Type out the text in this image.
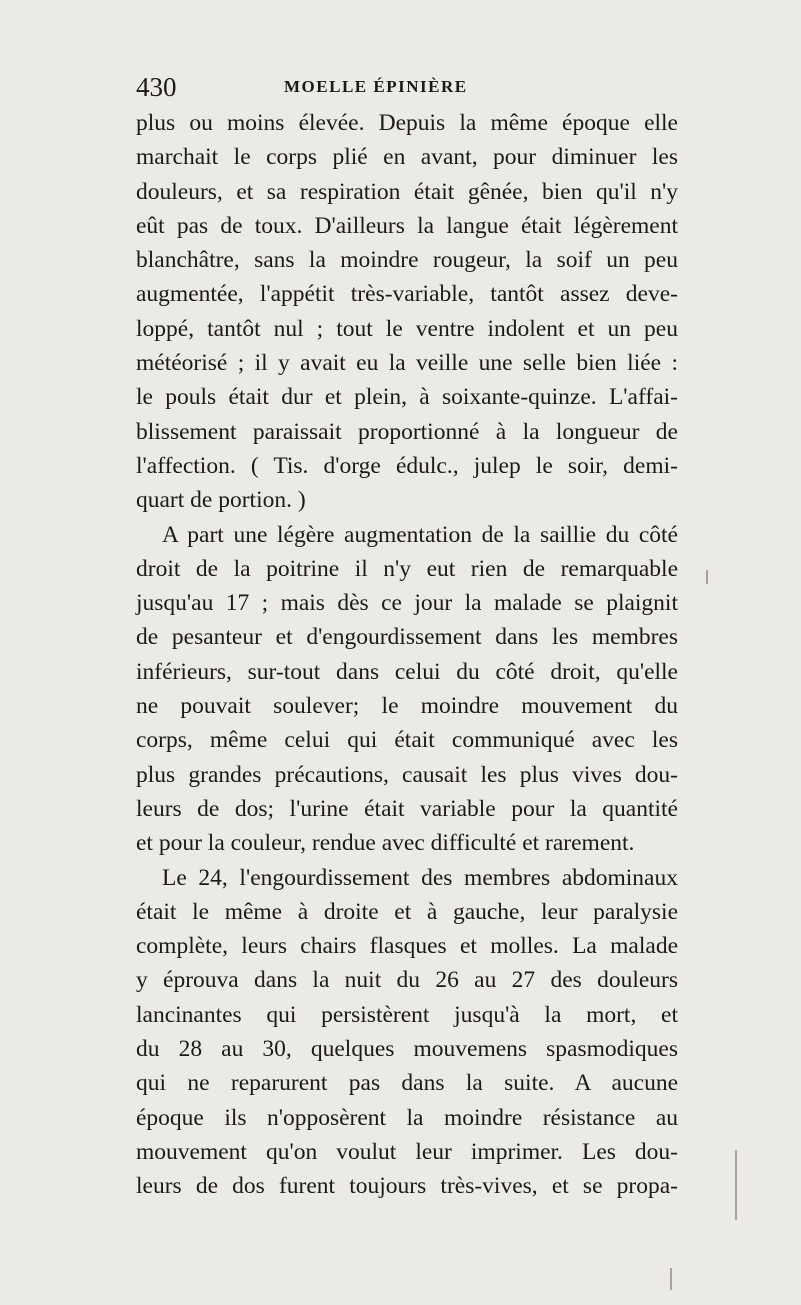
430	MOELLE ÉPINIÈRE
plus ou moins élevée. Depuis la même époque elle
marchait le corps plié en avant, pour diminuer les
douleurs, et sa respiration était gênée, bien qu'il n'y
eût pas de toux. D'ailleurs la langue était légèrement
blanchâtre, sans la moindre rougeur, la soif un peu
augmentée, l'appétit très-variable, tantôt assez deve-
loppé, tantôt nul ; tout le ventre indolent et un peu
météorisé ; il y avait eu la veille une selle bien liée :
le pouls était dur et plein, à soixante-quinze. L'affai-
blissement paraissait proportionné à la longueur de
l'affection. ( Tis. d'orge édulc., julep le soir, demi-
quart de portion. )
A part une légère augmentation de la saillie du côté
droit de la poitrine il n'y eut rien de remarquable
jusqu'au 17 ; mais dès ce jour la malade se plaignit
de pesanteur et d'engourdissement dans les membres
inférieurs, sur-tout dans celui du côté droit, qu'elle
ne pouvait soulever; le moindre mouvement du
corps, même celui qui était communiqué avec les
plus grandes précautions, causait les plus vives dou-
leurs de dos; l'urine était variable pour la quantité
et pour la couleur, rendue avec difficulté et rarement.
Le 24, l'engourdissement des membres abdominaux
était le même à droite et à gauche, leur paralysie
complète, leurs chairs flasques et molles. La malade
y éprouva dans la nuit du 26 au 27 des douleurs
lancinantes qui persistèrent jusqu'à la mort, et
du 28 au 30, quelques mouvemens spasmodiques
qui ne reparurent pas dans la suite. A aucune
époque ils n'opposèrent la moindre résistance au
mouvement qu'on voulut leur imprimer. Les dou-
leurs de dos furent toujours très-vives, et se propa-
